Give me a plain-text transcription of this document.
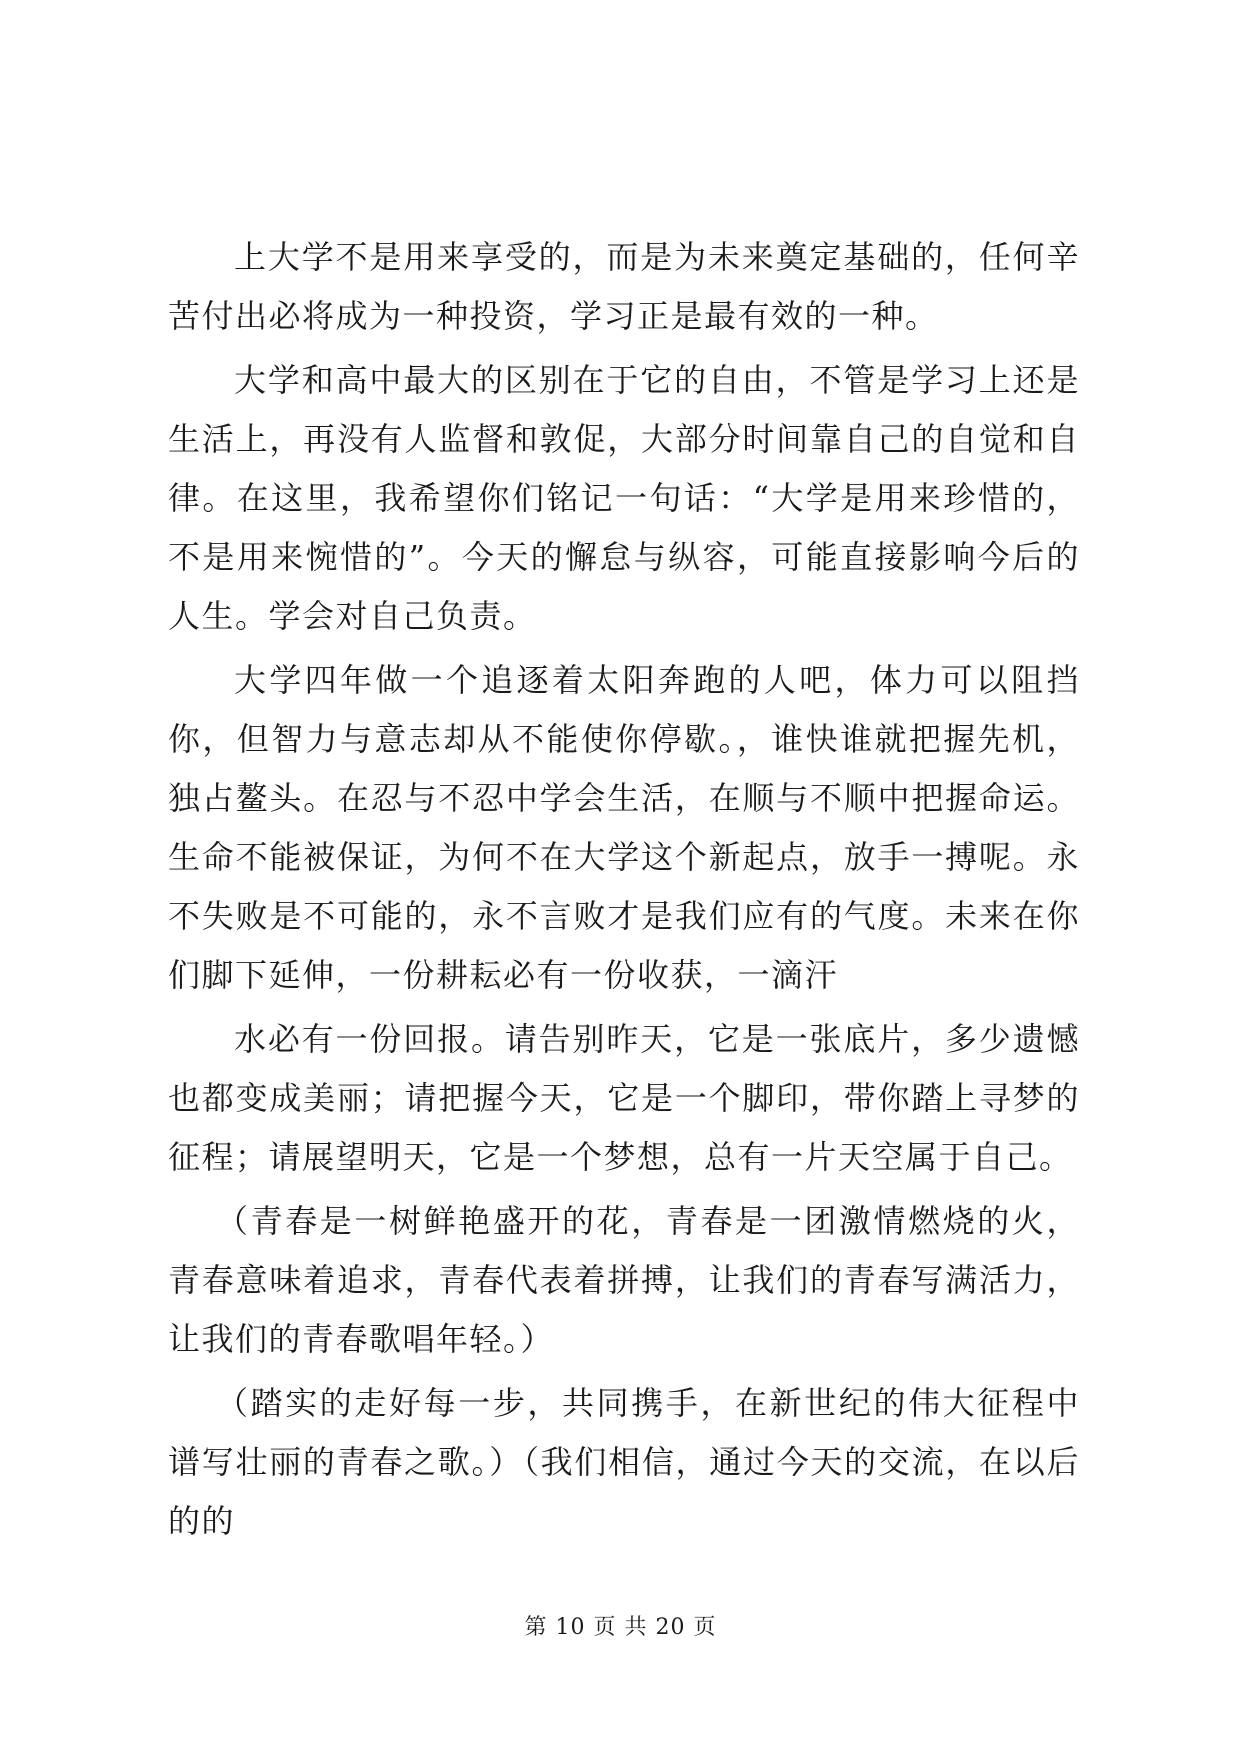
上大学不是用来享受的，而是为未来奠定基础的，任何辛苦付出必将成为一种投资，学习正是最有效的一种。

大学和高中最大的区别在于它的自由，不管是学习上还是生活上，再没有人监督和敦促，大部分时间靠自己的自觉和自律。在这里，我希望你们铭记一句话：“大学是用来珍惜的，不是用来惋惜的”。今天的懈怠与纵容，可能直接影响今后的人生。学会对自己负责。

大学四年做一个追逐着太阳奔跑的人吧，体力可以阻挡你，但智力与意志却从不能使你停歇。，谁快谁就把握先机，独占鳌头。在忍与不忍中学会生活，在顺与不顺中把握命运。生命不能被保证，为何不在大学这个新起点，放手一搏呢。永不失败是不可能的，永不言败才是我们应有的气度。未来在你们脚下延伸，一份耕耘必有一份收获，一滴汗

水必有一份回报。请告别昨天，它是一张底片，多少遗憾也都变成美丽；请把握今天，它是一个脚印，带你踏上寻梦的征程；请展望明天，它是一个梦想，总有一片天空属于自己。

（青春是一树鲜艳盛开的花，青春是一团激情燃烧的火，青春意味着追求，青春代表着拼搏，让我们的青春写满活力，让我们的青春歌唱年轻。）

（踏实的走好每一步，共同携手，在新世纪的伟大征程中谱写壮丽的青春之歌。）（我们相信，通过今天的交流，在以后的的

第 10 页 共 20 页
